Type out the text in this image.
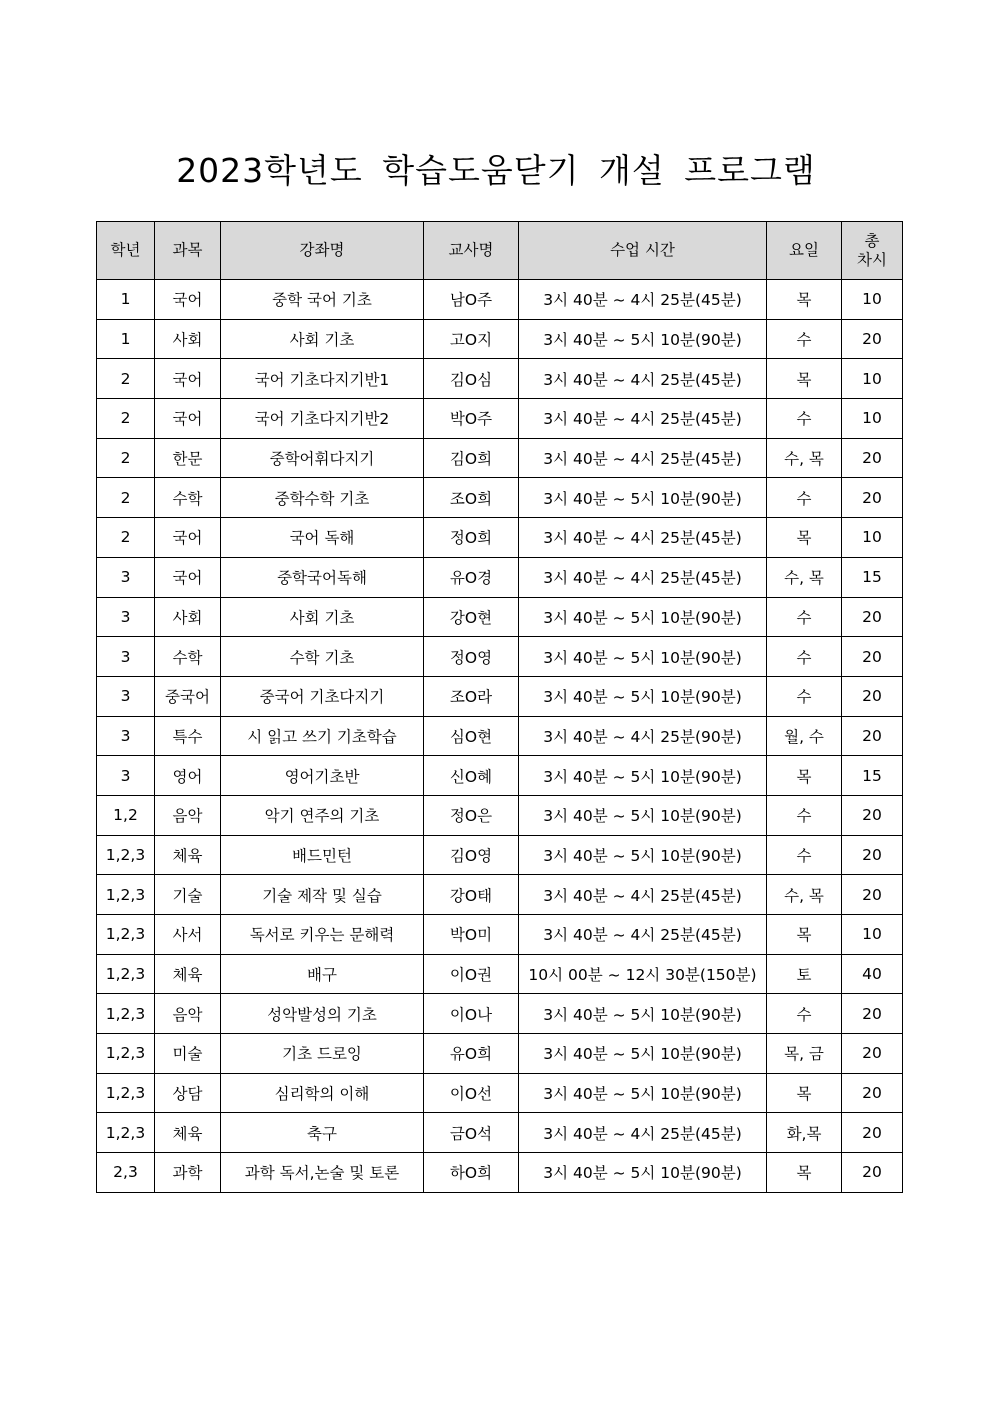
2023학년도 학습도움닫기 개설 프로그램
학년	과목	강좌명	교사명	수업 시간	요일	총
차시

1	국어	중학 국어 기초	남O주	3시 40분 ~ 4시 25분(45분)	목	10
1	사회	사회 기초	고O지	3시 40분 ~ 5시 10분(90분)	수	20
2	국어	국어 기초다지기반1	김O심	3시 40분 ~ 4시 25분(45분)	목	10
2	국어	국어 기초다지기반2	박O주	3시 40분 ~ 4시 25분(45분)	수	10
2	한문	중학어휘다지기	김O희	3시 40분 ~ 4시 25분(45분)	수, 목	20
2	수학	중학수학 기초	조O희	3시 40분 ~ 5시 10분(90분)	수	20
2	국어	국어 독해	정O희	3시 40분 ~ 4시 25분(45분)	목	10
3	국어	중학국어독해	유O경	3시 40분 ~ 4시 25분(45분)	수, 목	15
3	사회	사회 기초	강O현	3시 40분 ~ 5시 10분(90분)	수	20
3	수학	수학 기초	정O영	3시 40분 ~ 5시 10분(90분)	수	20
3	중국어	중국어 기초다지기	조O라	3시 40분 ~ 5시 10분(90분)	수	20
3	특수	시 읽고 쓰기 기초학습	심O현	3시 40분 ~ 4시 25분(90분)	월, 수	20
3	영어	영어기초반	신O혜	3시 40분 ~ 5시 10분(90분)	목	15
1,2	음악	악기 연주의 기초	정O은	3시 40분 ~ 5시 10분(90분)	수	20
1,2,3	체육	배드민턴	김O영	3시 40분 ~ 5시 10분(90분)	수	20
1,2,3	기술	기술 제작 및 실습	강O태	3시 40분 ~ 4시 25분(45분)	수, 목	20
1,2,3	사서	독서로 키우는 문해력	박O미	3시 40분 ~ 4시 25분(45분)	목	10
1,2,3	체육	배구	이O권	10시 00분 ~ 12시 30분(150분)	토	40
1,2,3	음악	성악발성의 기초	이O나	3시 40분 ~ 5시 10분(90분)	수	20
1,2,3	미술	기초 드로잉	유O희	3시 40분 ~ 5시 10분(90분)	목, 금	20
1,2,3	상담	심리학의 이해	이O선	3시 40분 ~ 5시 10분(90분)	목	20
1,2,3	체육	축구	금O석	3시 40분 ~ 4시 25분(45분)	화,목	20
2,3	과학	과학 독서,논술 및 토론	하O희	3시 40분 ~ 5시 10분(90분)	목	20
